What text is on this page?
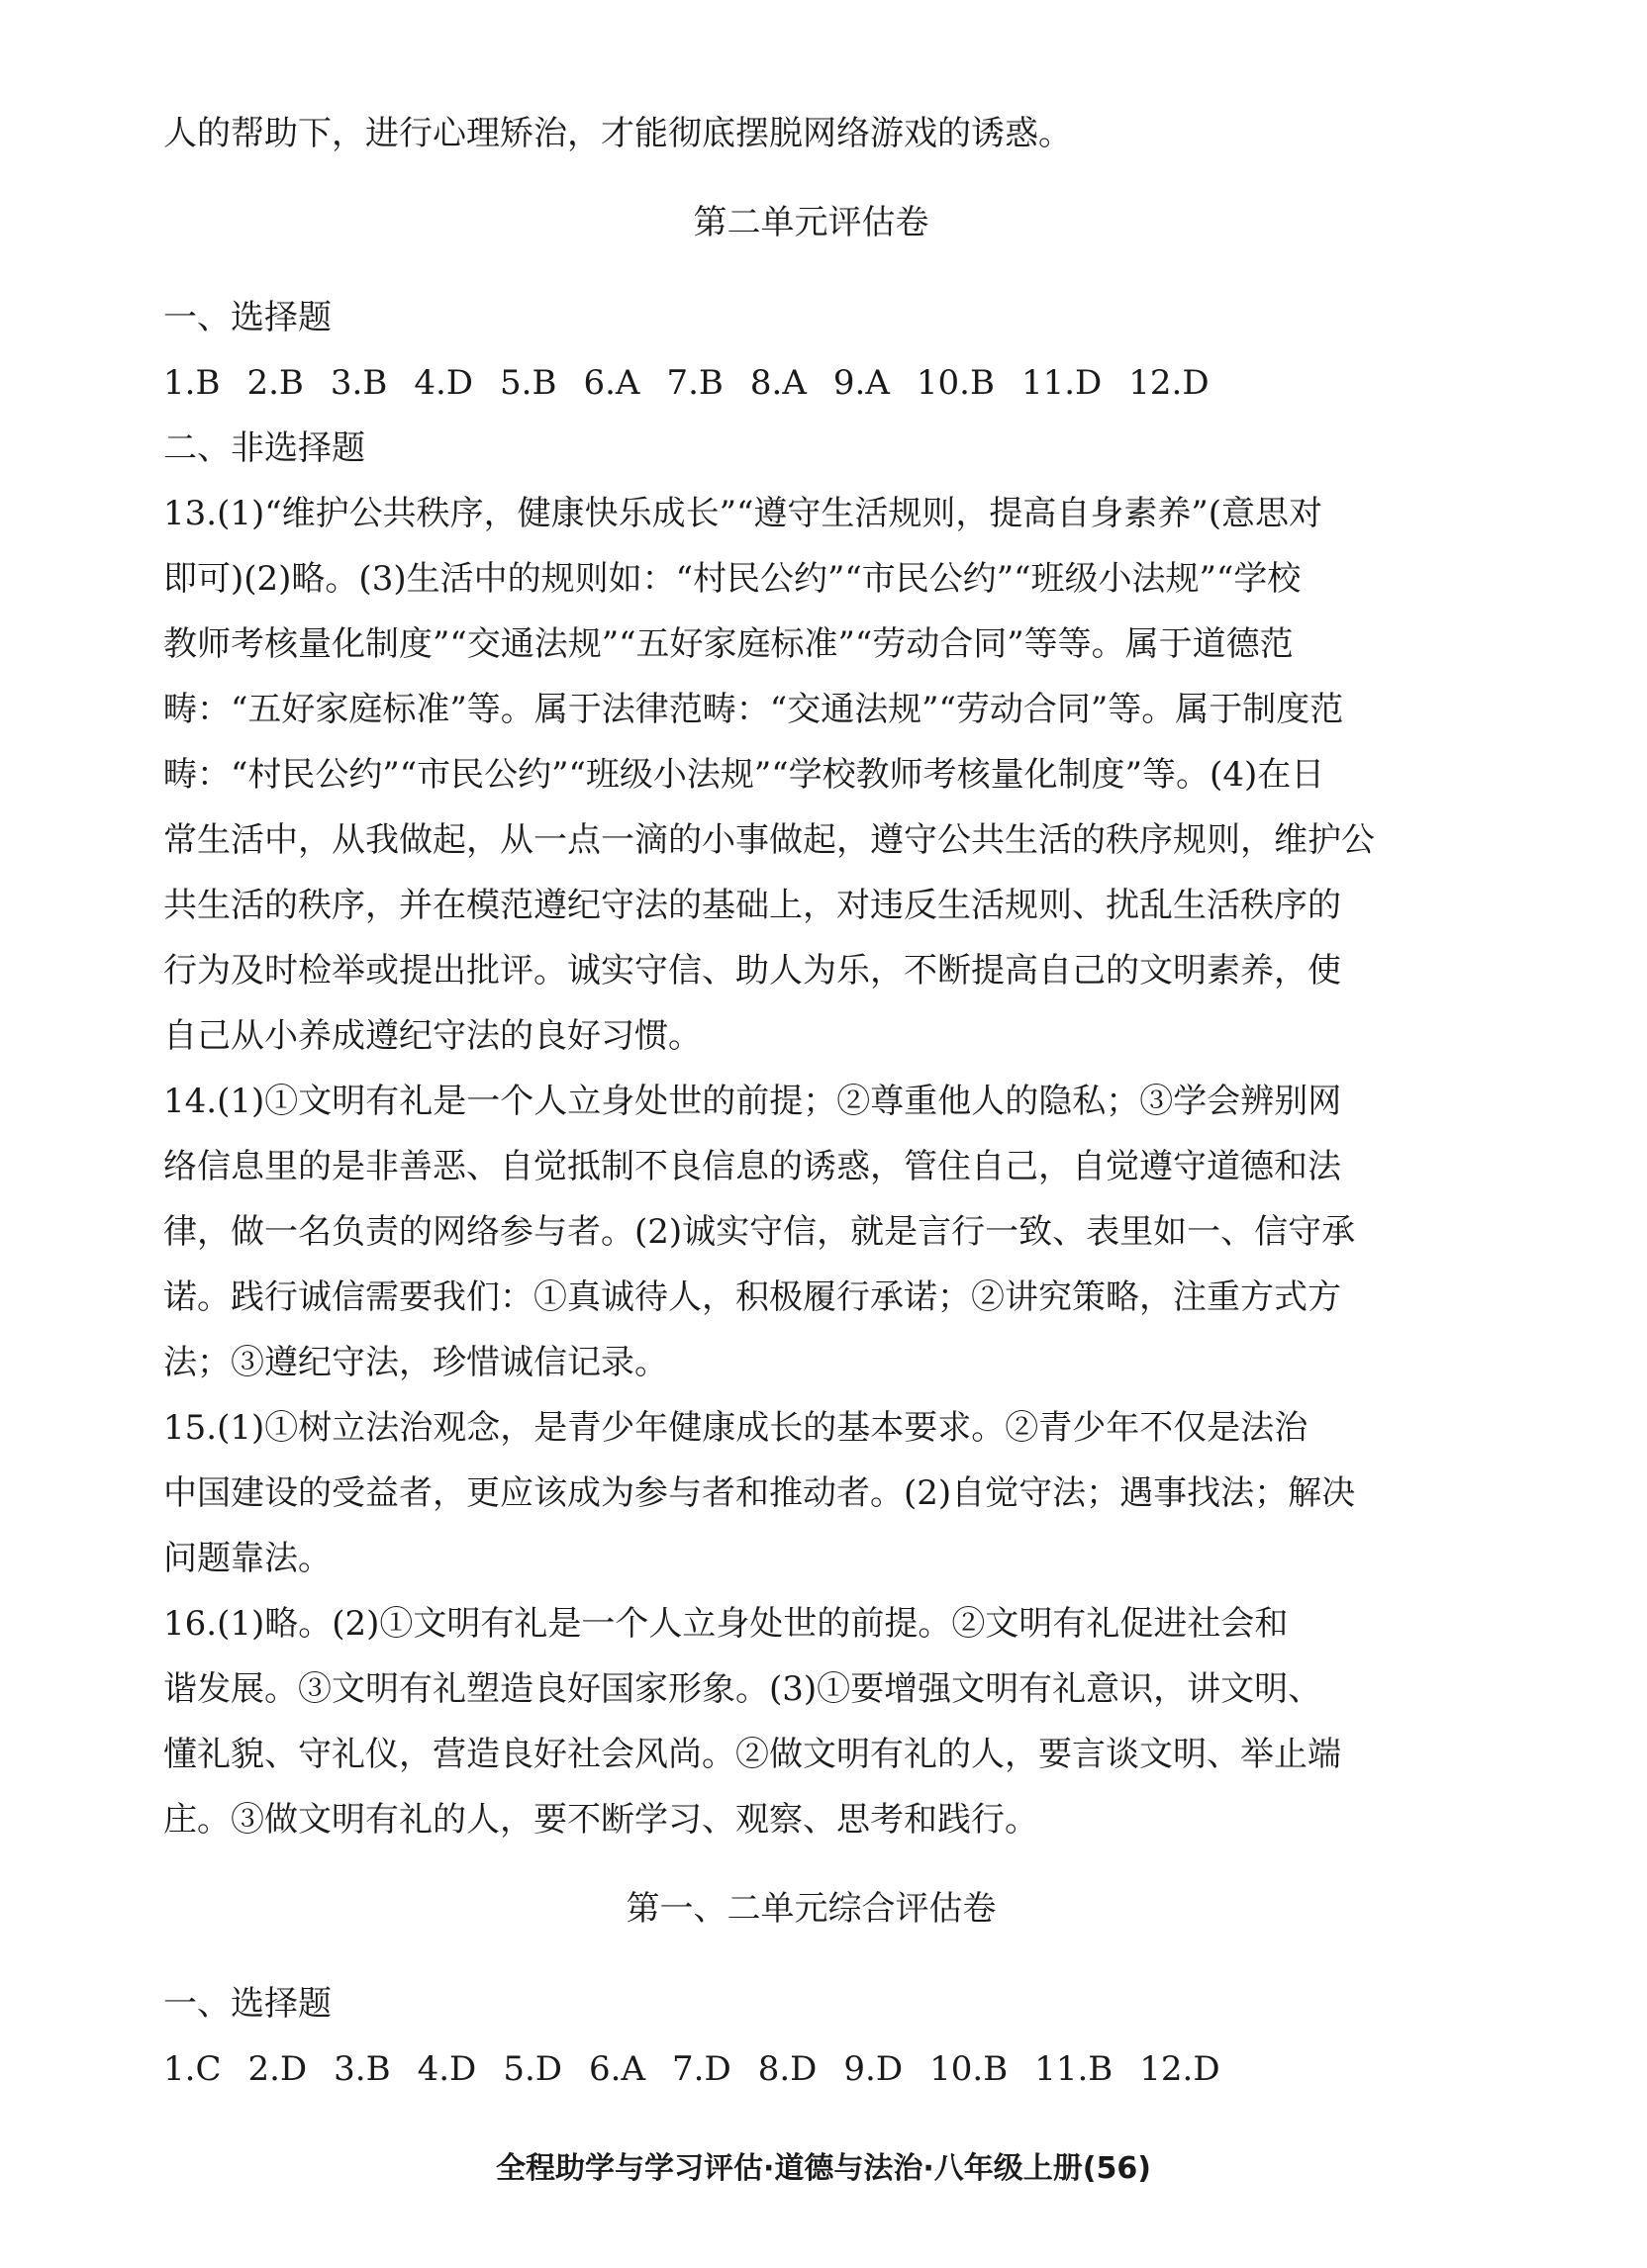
人的帮助下，进行心理矫治，才能彻底摆脱网络游戏的诱惑。
第二单元评估卷
一、选择题
1.B 2.B 3.B 4.D 5.B 6.A 7.B 8.A 9.A 10.B 11.D 12.D
二、非选择题
13.(1)“维护公共秩序，健康快乐成长”“遵守生活规则，提高自身素养”(意思对
即可)(2)略。(3)生活中的规则如：“村民公约”“市民公约”“班级小法规”“学校
教师考核量化制度”“交通法规”“五好家庭标准”“劳动合同”等等。属于道德范
畴：“五好家庭标准”等。属于法律范畴：“交通法规”“劳动合同”等。属于制度范
畴：“村民公约”“市民公约”“班级小法规”“学校教师考核量化制度”等。(4)在日
常生活中，从我做起，从一点一滴的小事做起，遵守公共生活的秩序规则，维护公
共生活的秩序，并在模范遵纪守法的基础上，对违反生活规则、扰乱生活秩序的
行为及时检举或提出批评。诚实守信、助人为乐，不断提高自己的文明素养，使
自己从小养成遵纪守法的良好习惯。
14.(1)①文明有礼是一个人立身处世的前提；②尊重他人的隐私；③学会辨别网
络信息里的是非善恶、自觉抵制不良信息的诱惑，管住自己，自觉遵守道德和法
律，做一名负责的网络参与者。(2)诚实守信，就是言行一致、表里如一、信守承
诺。践行诚信需要我们：①真诚待人，积极履行承诺；②讲究策略，注重方式方
法；③遵纪守法，珍惜诚信记录。
15.(1)①树立法治观念，是青少年健康成长的基本要求。②青少年不仅是法治
中国建设的受益者，更应该成为参与者和推动者。(2)自觉守法；遇事找法；解决
问题靠法。
16.(1)略。(2)①文明有礼是一个人立身处世的前提。②文明有礼促进社会和
谐发展。③文明有礼塑造良好国家形象。(3)①要增强文明有礼意识，讲文明、
懂礼貌、守礼仪，营造良好社会风尚。②做文明有礼的人，要言谈文明、举止端
庄。③做文明有礼的人，要不断学习、观察、思考和践行。
第一、二单元综合评估卷
一、选择题
1.C 2.D 3.B 4.D 5.D 6.A 7.D 8.D 9.D 10.B 11.B 12.D
全程助学与学习评估·道德与法治·八年级上册(56)
